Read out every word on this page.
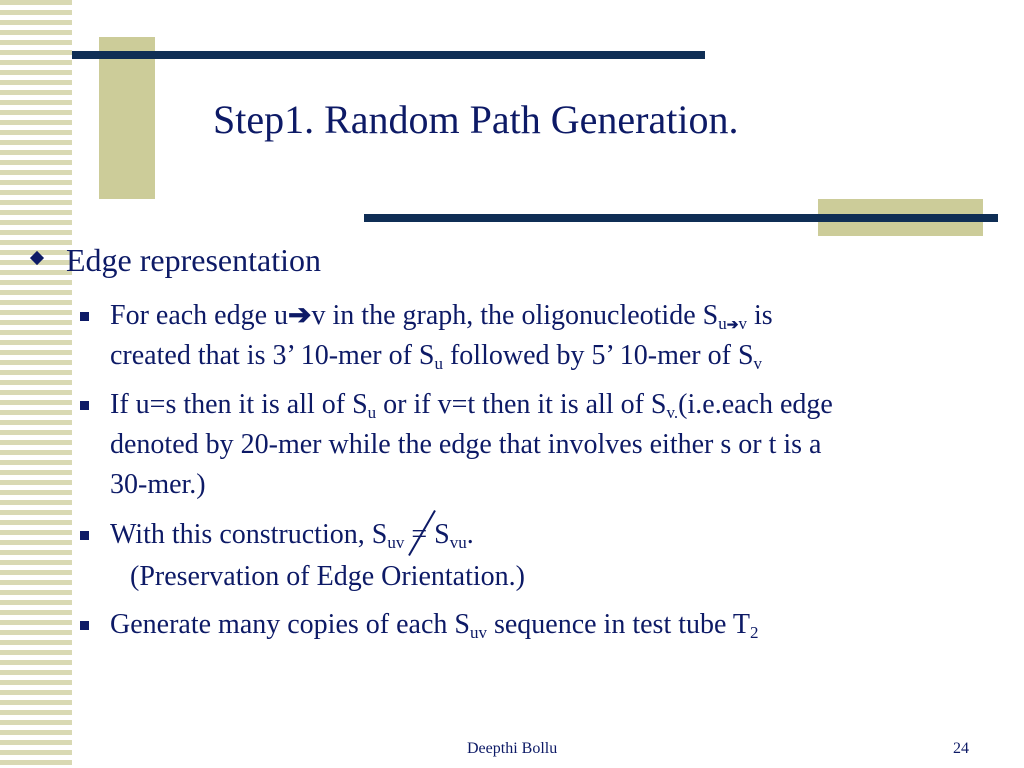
Step1. Random Path Generation.
Edge representation
For each edge u➔v in the graph, the oligonucleotide $S_{u➔v}$ is
created that is 3’ 10-mer of $S_u$ followed by 5’ 10-mer of $S_v$
If u=s then it is all of $S_u$ or if v=t then it is all of $S_{v.}(i.e.each$ edge
denoted by 20-mer while the edge that involves either s or t is a
30-mer.)
With this construction, $S_{uv} = S$
$_{vu}$.
(Preservation of Edge Orientation.)
Generate many copies of each $S_{uv}$ sequence in test tube $T_2$
Deepthi Bollu	24
